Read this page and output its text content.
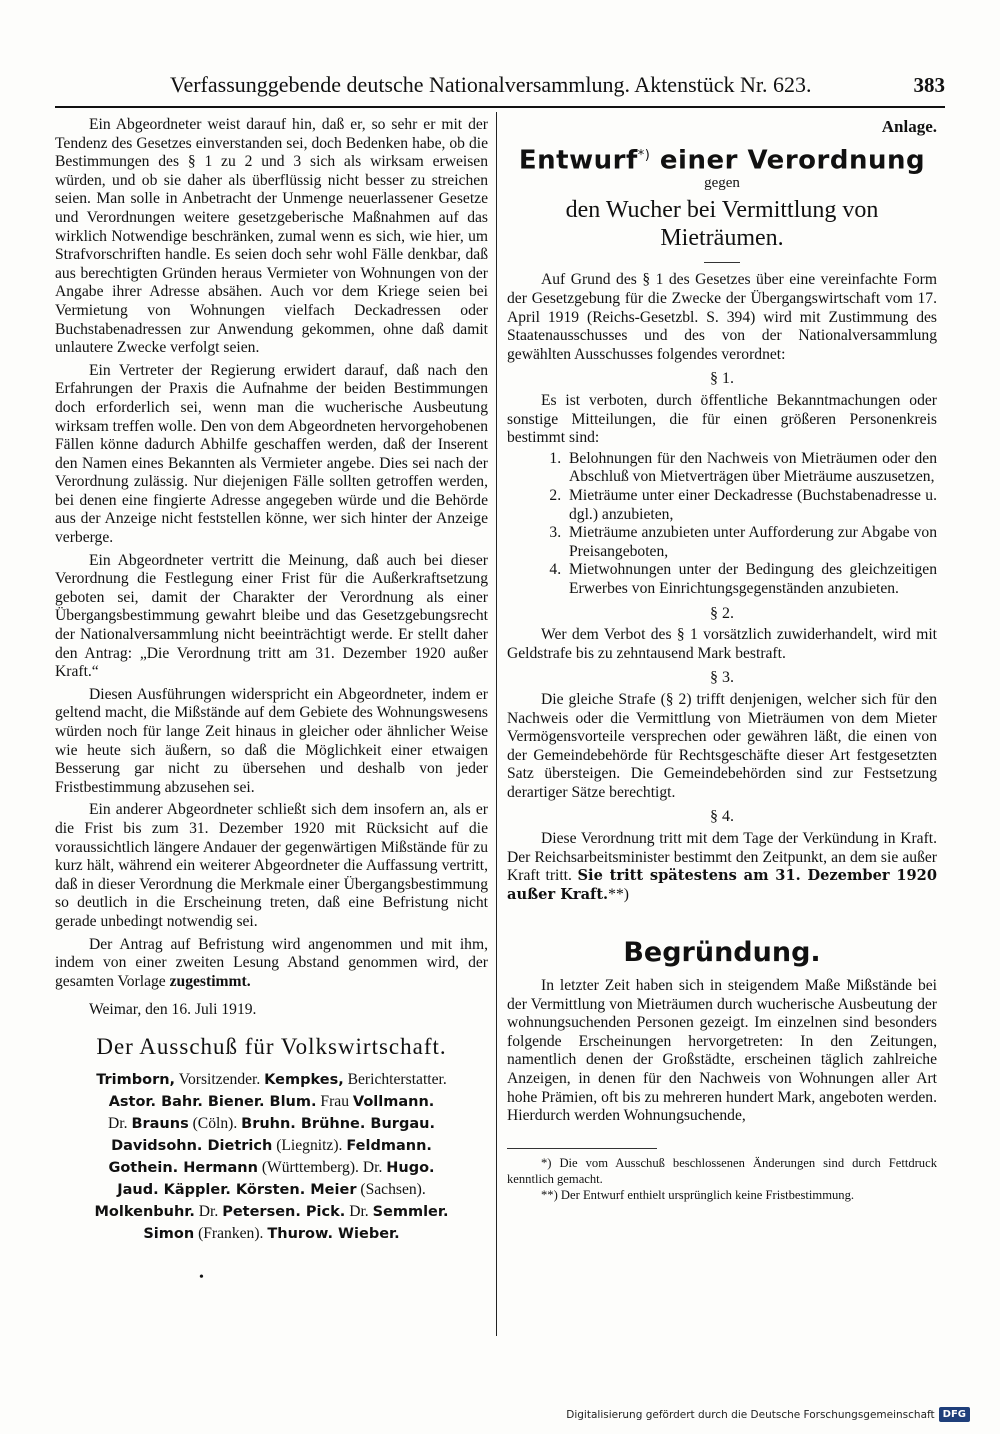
Verfassunggebende deutsche Nationalversammlung. Aktenstück Nr. 623.	383

Ein Abgeordneter weist darauf hin, daß er, so sehr er mit der Tendenz des Gesetzes einverstanden sei, doch Bedenken habe, ob die Bestimmungen des § 1 zu 2 und 3 sich als wirksam erweisen würden, und ob sie daher als überflüssig nicht besser zu streichen seien. Man solle in Anbetracht der Unmenge neuerlassener Gesetze und Verordnungen weitere gesetzgeberische Maßnahmen auf das wirklich Notwendige beschränken, zumal wenn es sich, wie hier, um Strafvorschriften handle. Es seien doch sehr wohl Fälle denkbar, daß aus berechtigten Gründen heraus Vermieter von Wohnungen von der Angabe ihrer Adresse absähen. Auch vor dem Kriege seien bei Vermietung von Wohnungen vielfach Deckadressen oder Buchstabenadressen zur Anwendung gekommen, ohne daß damit unlautere Zwecke verfolgt seien.

Ein Vertreter der Regierung erwidert darauf, daß nach den Erfahrungen der Praxis die Aufnahme der beiden Bestimmungen doch erforderlich sei, wenn man die wucherische Ausbeutung wirksam treffen wolle. Den von dem Abgeordneten hervorgehobenen Fällen könne dadurch Abhilfe geschaffen werden, daß der Inserent den Namen eines Bekannten als Vermieter angebe. Dies sei nach der Verordnung zulässig. Nur diejenigen Fälle sollten getroffen werden, bei denen eine fingierte Adresse angegeben würde und die Behörde aus der Anzeige nicht feststellen könne, wer sich hinter der Anzeige verberge.

Ein Abgeordneter vertritt die Meinung, daß auch bei dieser Verordnung die Festlegung einer Frist für die Außerkraftsetzung geboten sei, damit der Charakter der Verordnung als einer Übergangsbestimmung gewahrt bleibe und das Gesetzgebungsrecht der Nationalversammlung nicht beeinträchtigt werde. Er stellt daher den Antrag: „Die Verordnung tritt am 31. Dezember 1920 außer Kraft.“

Diesen Ausführungen widerspricht ein Abgeordneter, indem er geltend macht, die Mißstände auf dem Gebiete des Wohnungswesens würden noch für lange Zeit hinaus in gleicher oder ähnlicher Weise wie heute sich äußern, so daß die Möglichkeit einer etwaigen Besserung gar nicht zu übersehen und deshalb von jeder Fristbestimmung abzusehen sei.

Ein anderer Abgeordneter schließt sich dem insofern an, als er die Frist bis zum 31. Dezember 1920 mit Rücksicht auf die voraussichtlich längere Andauer der gegenwärtigen Mißstände für zu kurz hält, während ein weiterer Abgeordneter die Auffassung vertritt, daß in dieser Verordnung die Merkmale einer Übergangsbestimmung so deutlich in die Erscheinung treten, daß eine Befristung nicht gerade unbedingt notwendig sei.

Der Antrag auf Befristung wird angenommen und mit ihm, indem von einer zweiten Lesung Abstand genommen wird, der gesamten Vorlage zugestimmt.

Weimar, den 16. Juli 1919.
Der Ausschuß für Volkswirtschaft.
Trimborn, Vorsitzender. Kempkes, Berichterstatter.
Astor. Bahr. Biener. Blum. Frau Vollmann.
Dr. Brauns (Cöln). Bruhn. Brühne. Burgau.
Davidsohn. Dietrich (Liegnitz). Feldmann.
Gothein. Hermann (Württemberg). Dr. Hugo.
Jaud. Käppler. Körsten. Meier (Sachsen).
Molkenbuhr. Dr. Petersen. Pick. Dr. Semmler.
Simon (Franken). Thurow. Wieber.
•
Anlage.
Entwurf*) einer Verordnung
gegen
den Wucher bei Vermittlung von Mieträumen.

Auf Grund des § 1 des Gesetzes über eine vereinfachte Form der Gesetzgebung für die Zwecke der Übergangswirtschaft vom 17. April 1919 (Reichs-Gesetzbl. S. 394) wird mit Zustimmung des Staatenausschusses und des von der Nationalversammlung gewählten Ausschusses folgendes verordnet:

§ 1.

Es ist verboten, durch öffentliche Bekanntmachungen oder sonstige Mitteilungen, die für einen größeren Personenkreis bestimmt sind:

1. Belohnungen für den Nachweis von Mieträumen oder den Abschluß von Mietverträgen über Mieträume auszusetzen,
2. Mieträume unter einer Deckadresse (Buchstabenadresse u. dgl.) anzubieten,
3. Mieträume anzubieten unter Aufforderung zur Abgabe von Preisangeboten,
4. Mietwohnungen unter der Bedingung des gleichzeitigen Erwerbes von Einrichtungsgegenständen anzubieten.
§ 2.

Wer dem Verbot des § 1 vorsätzlich zuwiderhandelt, wird mit Geldstrafe bis zu zehntausend Mark bestraft.

§ 3.

Die gleiche Strafe (§ 2) trifft denjenigen, welcher sich für den Nachweis oder die Vermittlung von Mieträumen von dem Mieter Vermögensvorteile versprechen oder gewähren läßt, die einen von der Gemeindebehörde für Rechtsgeschäfte dieser Art festgesetzten Satz übersteigen. Die Gemeindebehörden sind zur Festsetzung derartiger Sätze berechtigt.

§ 4.

Diese Verordnung tritt mit dem Tage der Verkündung in Kraft. Der Reichsarbeitsminister bestimmt den Zeitpunkt, an dem sie außer Kraft tritt. Sie tritt spätestens am 31. Dezember 1920 außer Kraft.**)

Begründung.

In letzter Zeit haben sich in steigendem Maße Mißstände bei der Vermittlung von Mieträumen durch wucherische Ausbeutung der wohnungsuchenden Personen gezeigt. Im einzelnen sind besonders folgende Erscheinungen hervorgetreten: In den Zeitungen, namentlich denen der Großstädte, erscheinen täglich zahlreiche Anzeigen, in denen für den Nachweis von Wohnungen aller Art hohe Prämien, oft bis zu mehreren hundert Mark, angeboten werden. Hierdurch werden Wohnungsuchende,

*) Die vom Ausschuß beschlossenen Änderungen sind durch Fettdruck kenntlich gemacht.

**) Der Entwurf enthielt ursprünglich keine Fristbestimmung.

Digitalisierung gefördert durch die Deutsche Forschungsgemeinschaft DFG
